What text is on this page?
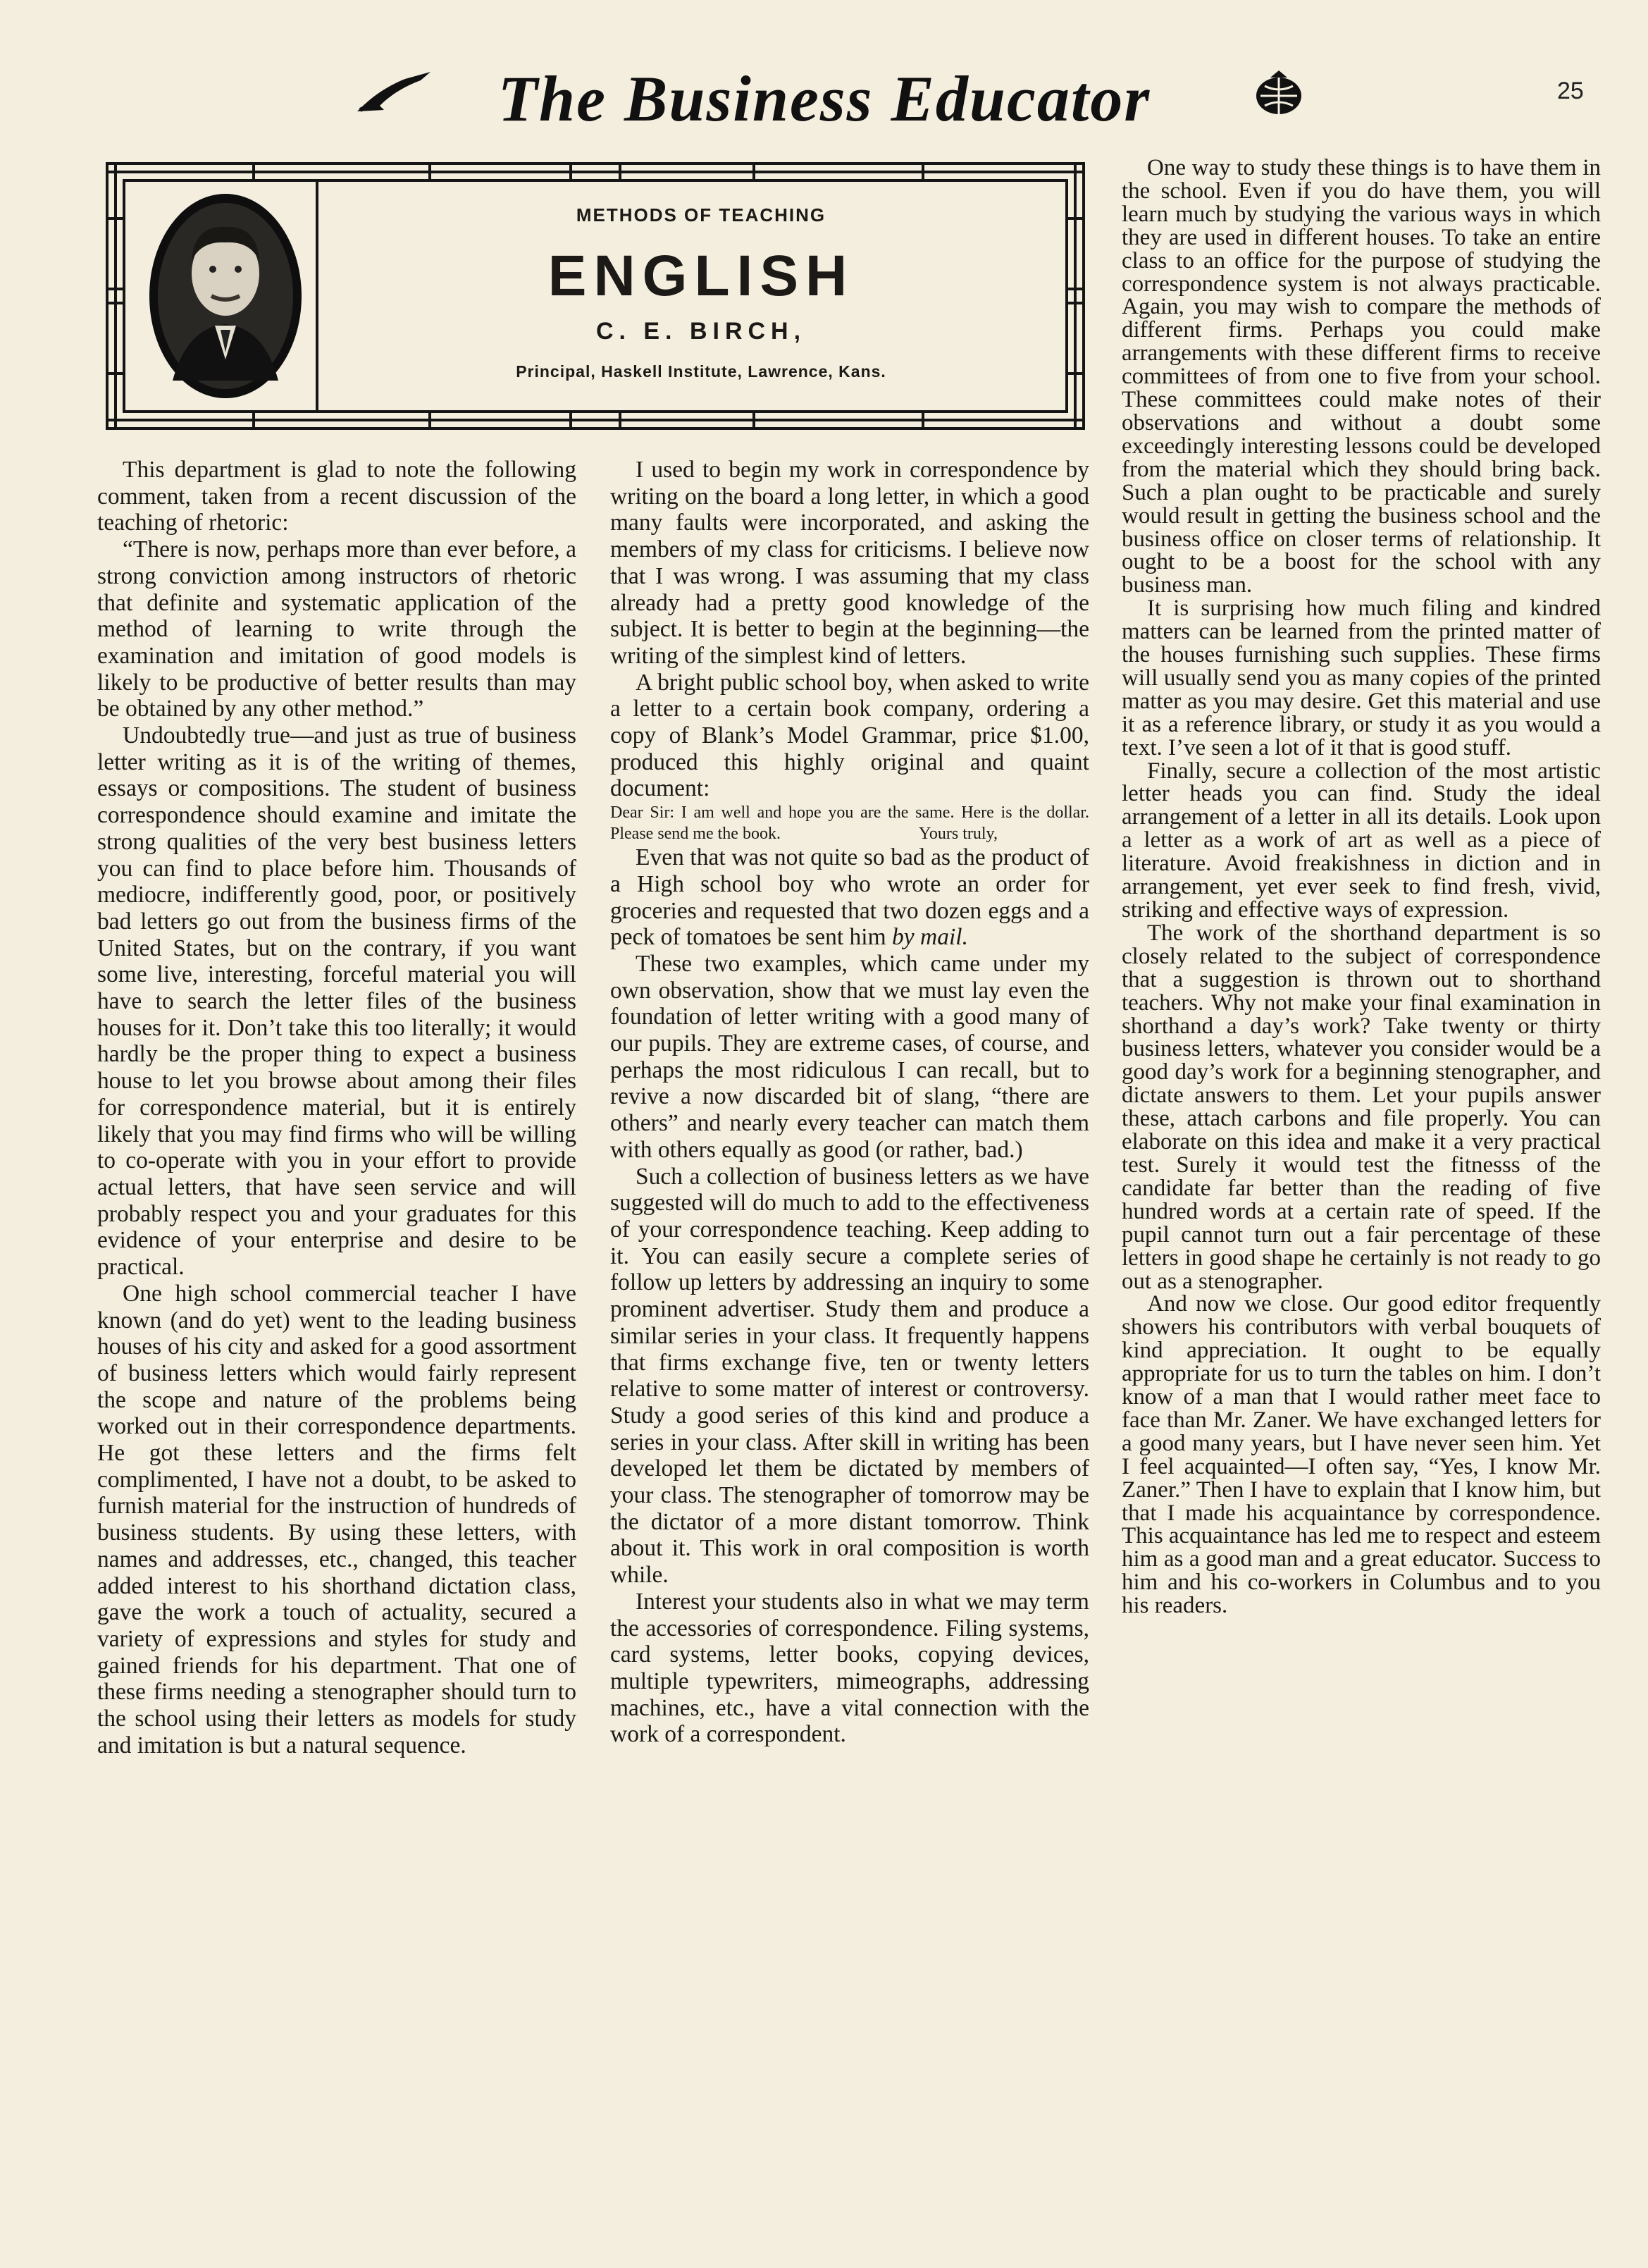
The Business Educator	25
METHODS OF TEACHING
ENGLISH
C. E. BIRCH,
Principal, Haskell Institute, Lawrence, Kans.

This department is glad to note the following comment, taken from a recent discussion of the teaching of rhetoric:

“There is now, perhaps more than ever before, a strong conviction among instructors of rhetoric that definite and systematic application of the method of learning to write through the examination and imitation of good models is likely to be productive of better results than may be obtained by any other method.”

Undoubtedly true—and just as true of business letter writing as it is of the writing of themes, essays or compositions. The student of business correspondence should examine and imitate the strong qualities of the very best business letters you can find to place before him. Thousands of mediocre, indifferently good, poor, or positively bad letters go out from the business firms of the United States, but on the contrary, if you want some live, interesting, forceful material you will have to search the letter files of the business houses for it. Don’t take this too literally; it would hardly be the proper thing to expect a business house to let you browse about among their files for correspondence material, but it is entirely likely that you may find firms who will be willing to co-operate with you in your effort to provide actual letters, that have seen service and will probably respect you and your graduates for this evidence of your enterprise and desire to be practical.

One high school commercial teacher I have known (and do yet) went to the leading business houses of his city and asked for a good assortment of business letters which would fairly represent the scope and nature of the problems being worked out in their correspondence departments. He got these letters and the firms felt complimented, I have not a doubt, to be asked to furnish material for the instruction of hundreds of business students. By using these letters, with names and addresses, etc., changed, this teacher added interest to his shorthand dictation class, gave the work a touch of actuality, secured a variety of expressions and styles for study and gained friends for his department. That one of these firms needing a stenographer should turn to the school using their letters as models for study and imitation is but a natural sequence.

I used to begin my work in correspondence by writing on the board a long letter, in which a good many faults were incorporated, and asking the members of my class for criticisms. I believe now that I was wrong. I was assuming that my class already had a pretty good knowledge of the subject. It is better to begin at the beginning—the writing of the simplest kind of letters.

A bright public school boy, when asked to write a letter to a certain book company, ordering a copy of Blank’s Model Grammar, price $1.00, produced this highly original and quaint document:

Dear Sir: I am well and hope you are the same. Here is the dollar. Please send me the book.	Yours truly,

Even that was not quite so bad as the product of a High school boy who wrote an order for groceries and requested that two dozen eggs and a peck of tomatoes be sent him by mail.

These two examples, which came under my own observation, show that we must lay even the foundation of letter writing with a good many of our pupils. They are extreme cases, of course, and perhaps the most ridiculous I can recall, but to revive a now discarded bit of slang, “there are others” and nearly every teacher can match them with others equally as good (or rather, bad.)

Such a collection of business letters as we have suggested will do much to add to the effectiveness of your correspondence teaching. Keep adding to it. You can easily secure a complete series of follow up letters by addressing an inquiry to some prominent advertiser. Study them and produce a similar series in your class. It frequently happens that firms exchange five, ten or twenty letters relative to some matter of interest or controversy. Study a good series of this kind and produce a series in your class. After skill in writing has been developed let them be dictated by members of your class. The stenographer of tomorrow may be the dictator of a more distant tomorrow. Think about it. This work in oral composition is worth while.

Interest your students also in what we may term the accessories of correspondence. Filing systems, card systems, letter books, copying devices, multiple typewriters, mimeographs, addressing machines, etc., have a vital connection with the work of a correspondent.

One way to study these things is to have them in the school. Even if you do have them, you will learn much by studying the various ways in which they are used in different houses. To take an entire class to an office for the purpose of studying the correspondence system is not always practicable. Again, you may wish to compare the methods of different firms. Perhaps you could make arrangements with these different firms to receive committees of from one to five from your school. These committees could make notes of their observations and without a doubt some exceedingly interesting lessons could be developed from the material which they should bring back. Such a plan ought to be practicable and surely would result in getting the business school and the business office on closer terms of relationship. It ought to be a boost for the school with any business man.

It is surprising how much filing and kindred matters can be learned from the printed matter of the houses furnishing such supplies. These firms will usually send you as many copies of the printed matter as you may desire. Get this material and use it as a reference library, or study it as you would a text. I’ve seen a lot of it that is good stuff.

Finally, secure a collection of the most artistic letter heads you can find. Study the ideal arrangement of a letter in all its details. Look upon a letter as a work of art as well as a piece of literature. Avoid freakishness in diction and in arrangement, yet ever seek to find fresh, vivid, striking and effective ways of expression.

The work of the shorthand department is so closely related to the subject of correspondence that a suggestion is thrown out to shorthand teachers. Why not make your final examination in shorthand a day’s work? Take twenty or thirty business letters, whatever you consider would be a good day’s work for a beginning stenographer, and dictate answers to them. Let your pupils answer these, attach carbons and file properly. You can elaborate on this idea and make it a very practical test. Surely it would test the fitnesss of the candidate far better than the reading of five hundred words at a certain rate of speed. If the pupil cannot turn out a fair percentage of these letters in good shape he certainly is not ready to go out as a stenographer.

And now we close. Our good editor frequently showers his contributors with verbal bouquets of kind appreciation. It ought to be equally appropriate for us to turn the tables on him. I don’t know of a man that I would rather meet face to face than Mr. Zaner. We have exchanged letters for a good many years, but I have never seen him. Yet I feel acquainted—I often say, “Yes, I know Mr. Zaner.” Then I have to explain that I know him, but that I made his acquaintance by correspondence. This acquaintance has led me to respect and esteem him as a good man and a great educator. Success to him and his co-workers in Columbus and to you his readers.
